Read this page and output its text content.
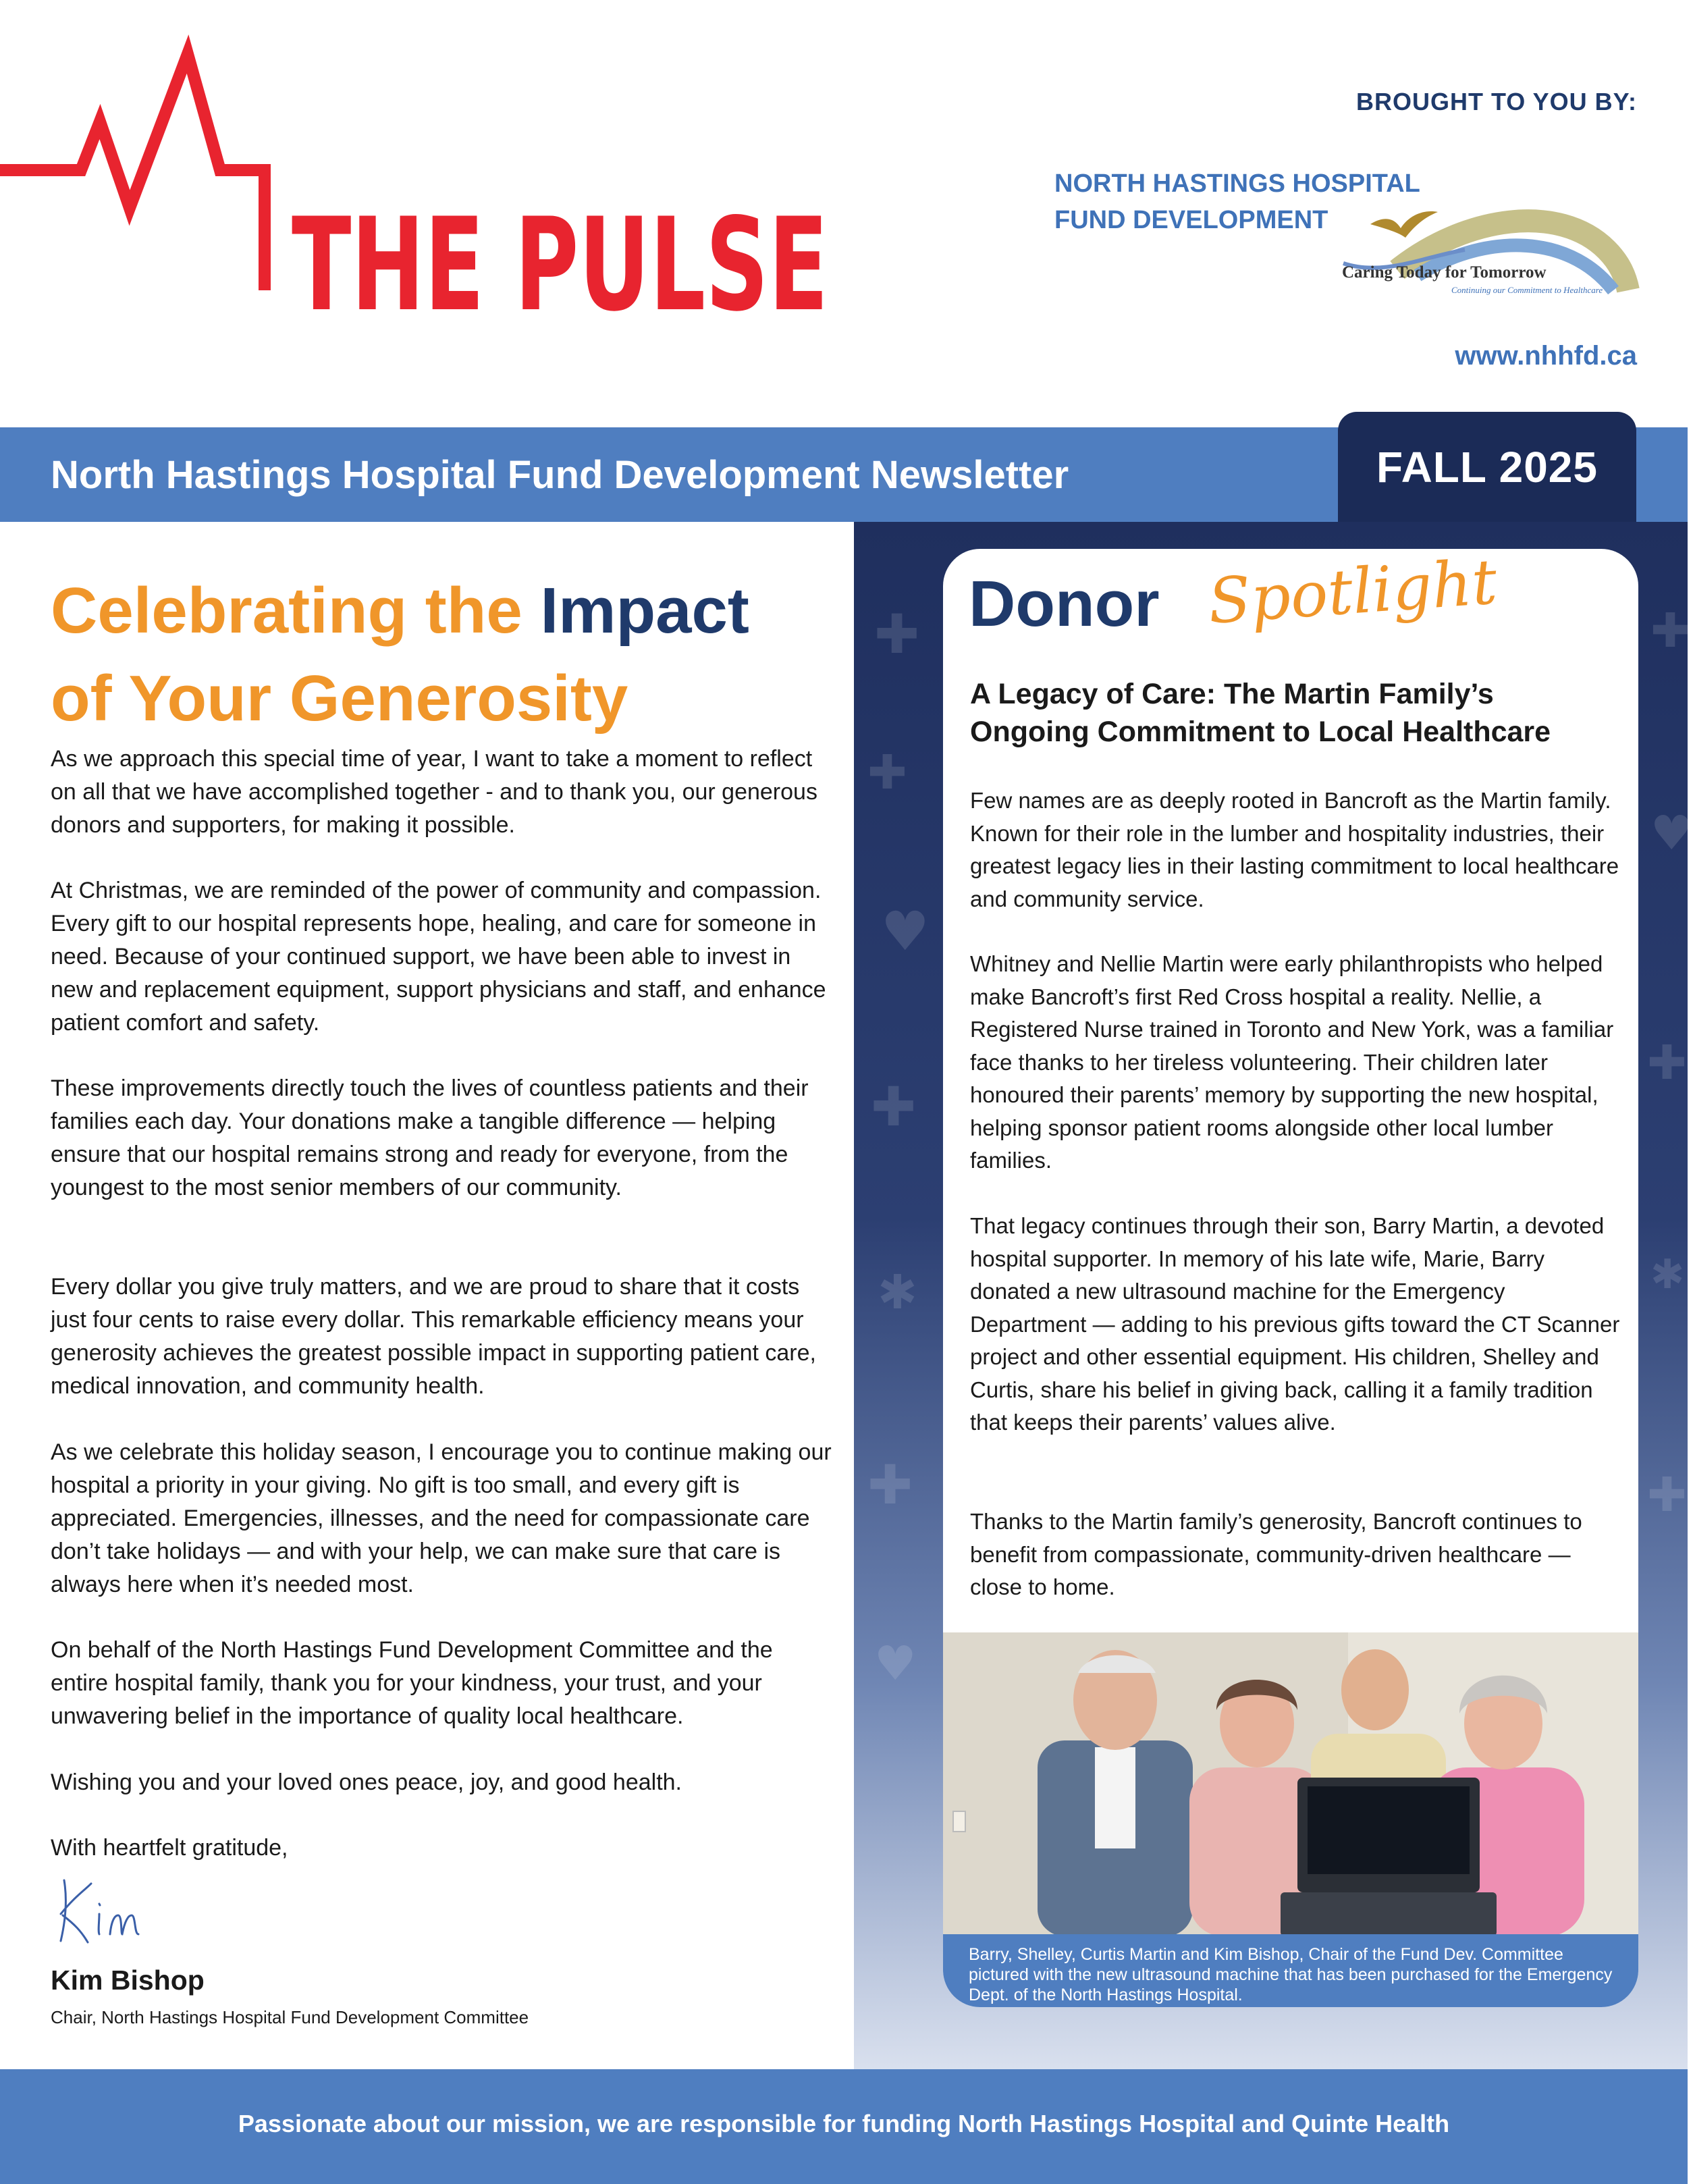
THE PULSE
BROUGHT TO YOU BY:
NORTH HASTINGS HOSPITAL
FUND DEVELOPMENT
Caring Today for Tomorrow
Continuing our Commitment to Healthcare
www.nhhfd.ca
North Hastings Hospital Fund Development Newsletter	FALL 2025
✚
✚
♥
✚
✱
✚
♥
✚
♥
✚
✱
✚
Donor Spotlight
A Legacy of Care: The Martin Family’s Ongoing Commitment to Local Healthcare

Few names are as deeply rooted in Bancroft as the Martin family. Known for their role in the lumber and hospitality industries, their greatest legacy lies in their lasting commitment to local healthcare and community service.

Whitney and Nellie Martin were early philanthropists who helped make Bancroft’s first Red Cross hospital a reality. Nellie, a Registered Nurse trained in Toronto and New York, was a familiar face thanks to her tireless volunteering. Their children later honoured their parents’ memory by supporting the new hospital, helping sponsor patient rooms alongside other local lumber families.

That legacy continues through their son, Barry Martin, a devoted hospital supporter. In memory of his late wife, Marie, Barry donated a new ultrasound machine for the Emergency Department — adding to his previous gifts toward the CT Scanner project and other essential equipment. His children, Shelley and Curtis, share his belief in giving back, calling it a family tradition that keeps their parents’ values alive.

Thanks to the Martin family’s generosity, Bancroft continues to benefit from compassionate, community-driven healthcare — close to home.

Barry, Shelley, Curtis Martin and Kim Bishop, Chair of the Fund Dev. Committee pictured with the new ultrasound machine that has been purchased for the Emergency Dept. of the North Hastings Hospital.
Celebrating the Impact
of Your Generosity

As we approach this special time of year, I want to take a moment to reflect on all that we have accomplished together - and to thank you, our generous donors and supporters, for making it possible.

At Christmas, we are reminded of the power of community and compassion. Every gift to our hospital represents hope, healing, and care for someone in need. Because of your continued support, we have been able to invest in new and replacement equipment, support physicians and staff, and enhance patient comfort and safety.

These improvements directly touch the lives of countless patients and their families each day. Your donations make a tangible difference — helping ensure that our hospital remains strong and ready for everyone, from the youngest to the most senior members of our community.

Every dollar you give truly matters, and we are proud to share that it costs just four cents to raise every dollar. This remarkable efficiency means your generosity achieves the greatest possible impact in supporting patient care, medical innovation, and community health.

As we celebrate this holiday season, I encourage you to continue making our hospital a priority in your giving. No gift is too small, and every gift is appreciated. Emergencies, illnesses, and the need for compassionate care don’t take holidays — and with your help, we can make sure that care is always here when it’s needed most.

On behalf of the North Hastings Fund Development Committee and the entire hospital family, thank you for your kindness, your trust, and your unwavering belief in the importance of quality local healthcare.

Wishing you and your loved ones peace, joy, and good health.

With heartfelt gratitude,

Kim Bishop
Chair, North Hastings Hospital Fund Development Committee
Passionate about our mission, we are responsible for funding North Hastings Hospital and Quinte Health
